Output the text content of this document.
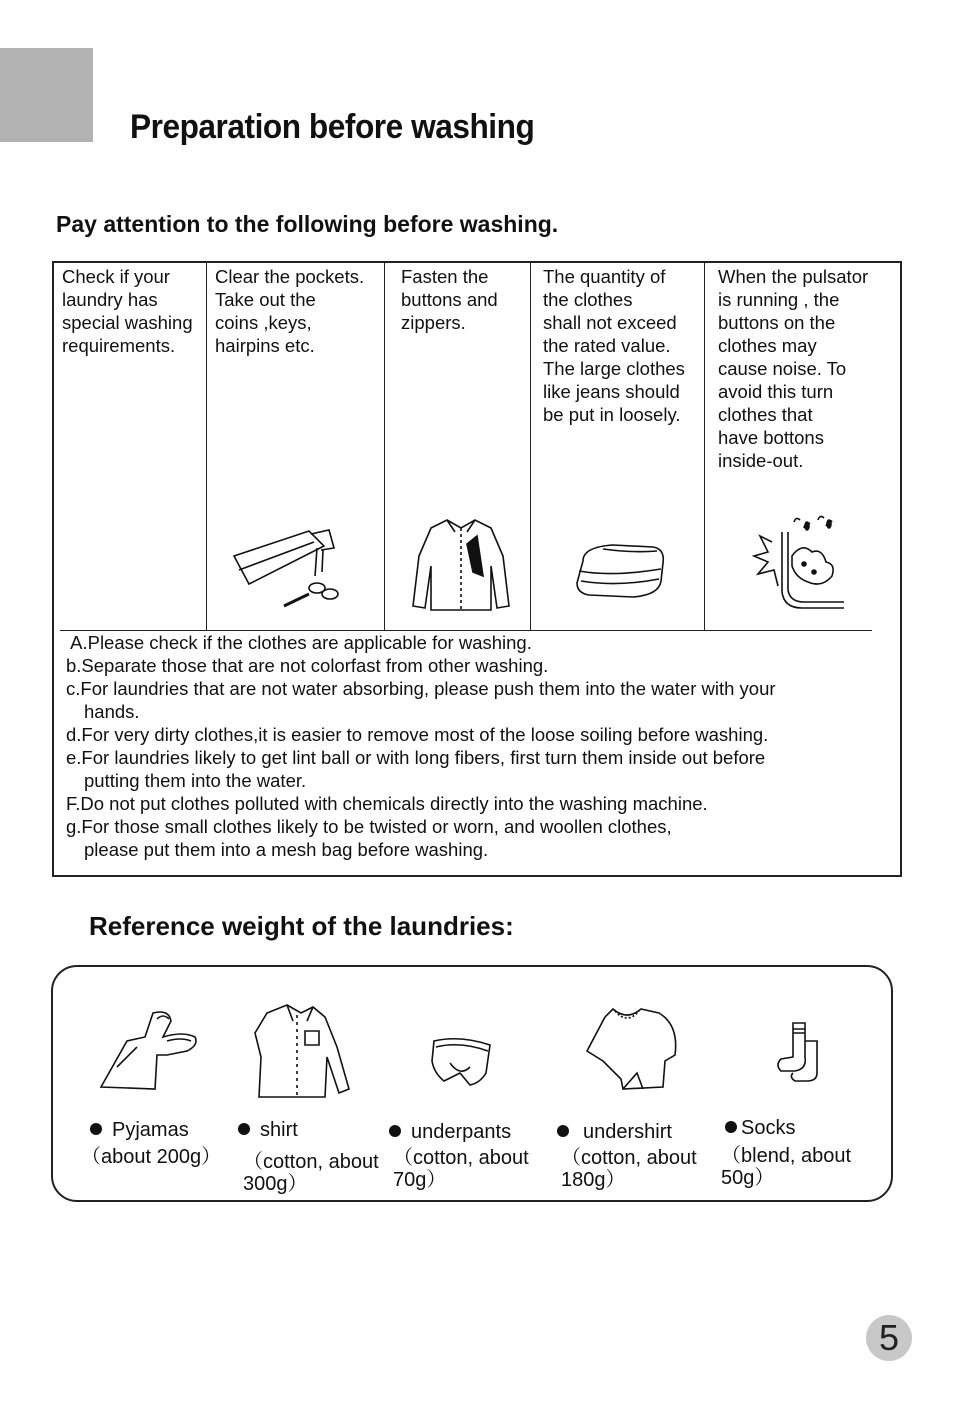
Preparation before washing
Pay attention to the following before washing.

Check if your
laundry has
special washing
requirements.

Clear the pockets.
Take out the
coins ,keys,
hairpins etc.

Fasten the
buttons and
zippers.

The quantity of
the clothes
shall not exceed
the rated value.
The large clothes
like jeans should
be put in loosely.

When the pulsator
is running , the
buttons on the
clothes may
cause noise. To
avoid this turn
clothes that
have bottons
inside-out.

A.Please check if the clothes are applicable for washing.
b.Separate those that are not colorfast from other washing.
c.For laundries that are not water absorbing, please push them into the water with your
hands.
d.For very dirty clothes,it is easier to remove most of the loose soiling before washing.
e.For laundries likely to get lint ball or with long fibers, first turn them inside out before
putting them into the water.
F.Do not put clothes polluted with chemicals directly into the washing machine.
g.For those small clothes likely to be twisted or worn, and woollen clothes,
please put them into a mesh bag before washing.
Reference weight of the laundries:
Pyjamas
（about 200g）
shirt
（cotton, about
300g）
underpants
（cotton, about
70g）
undershirt
（cotton, about
180g）
Socks
（blend, about
50g）
5
